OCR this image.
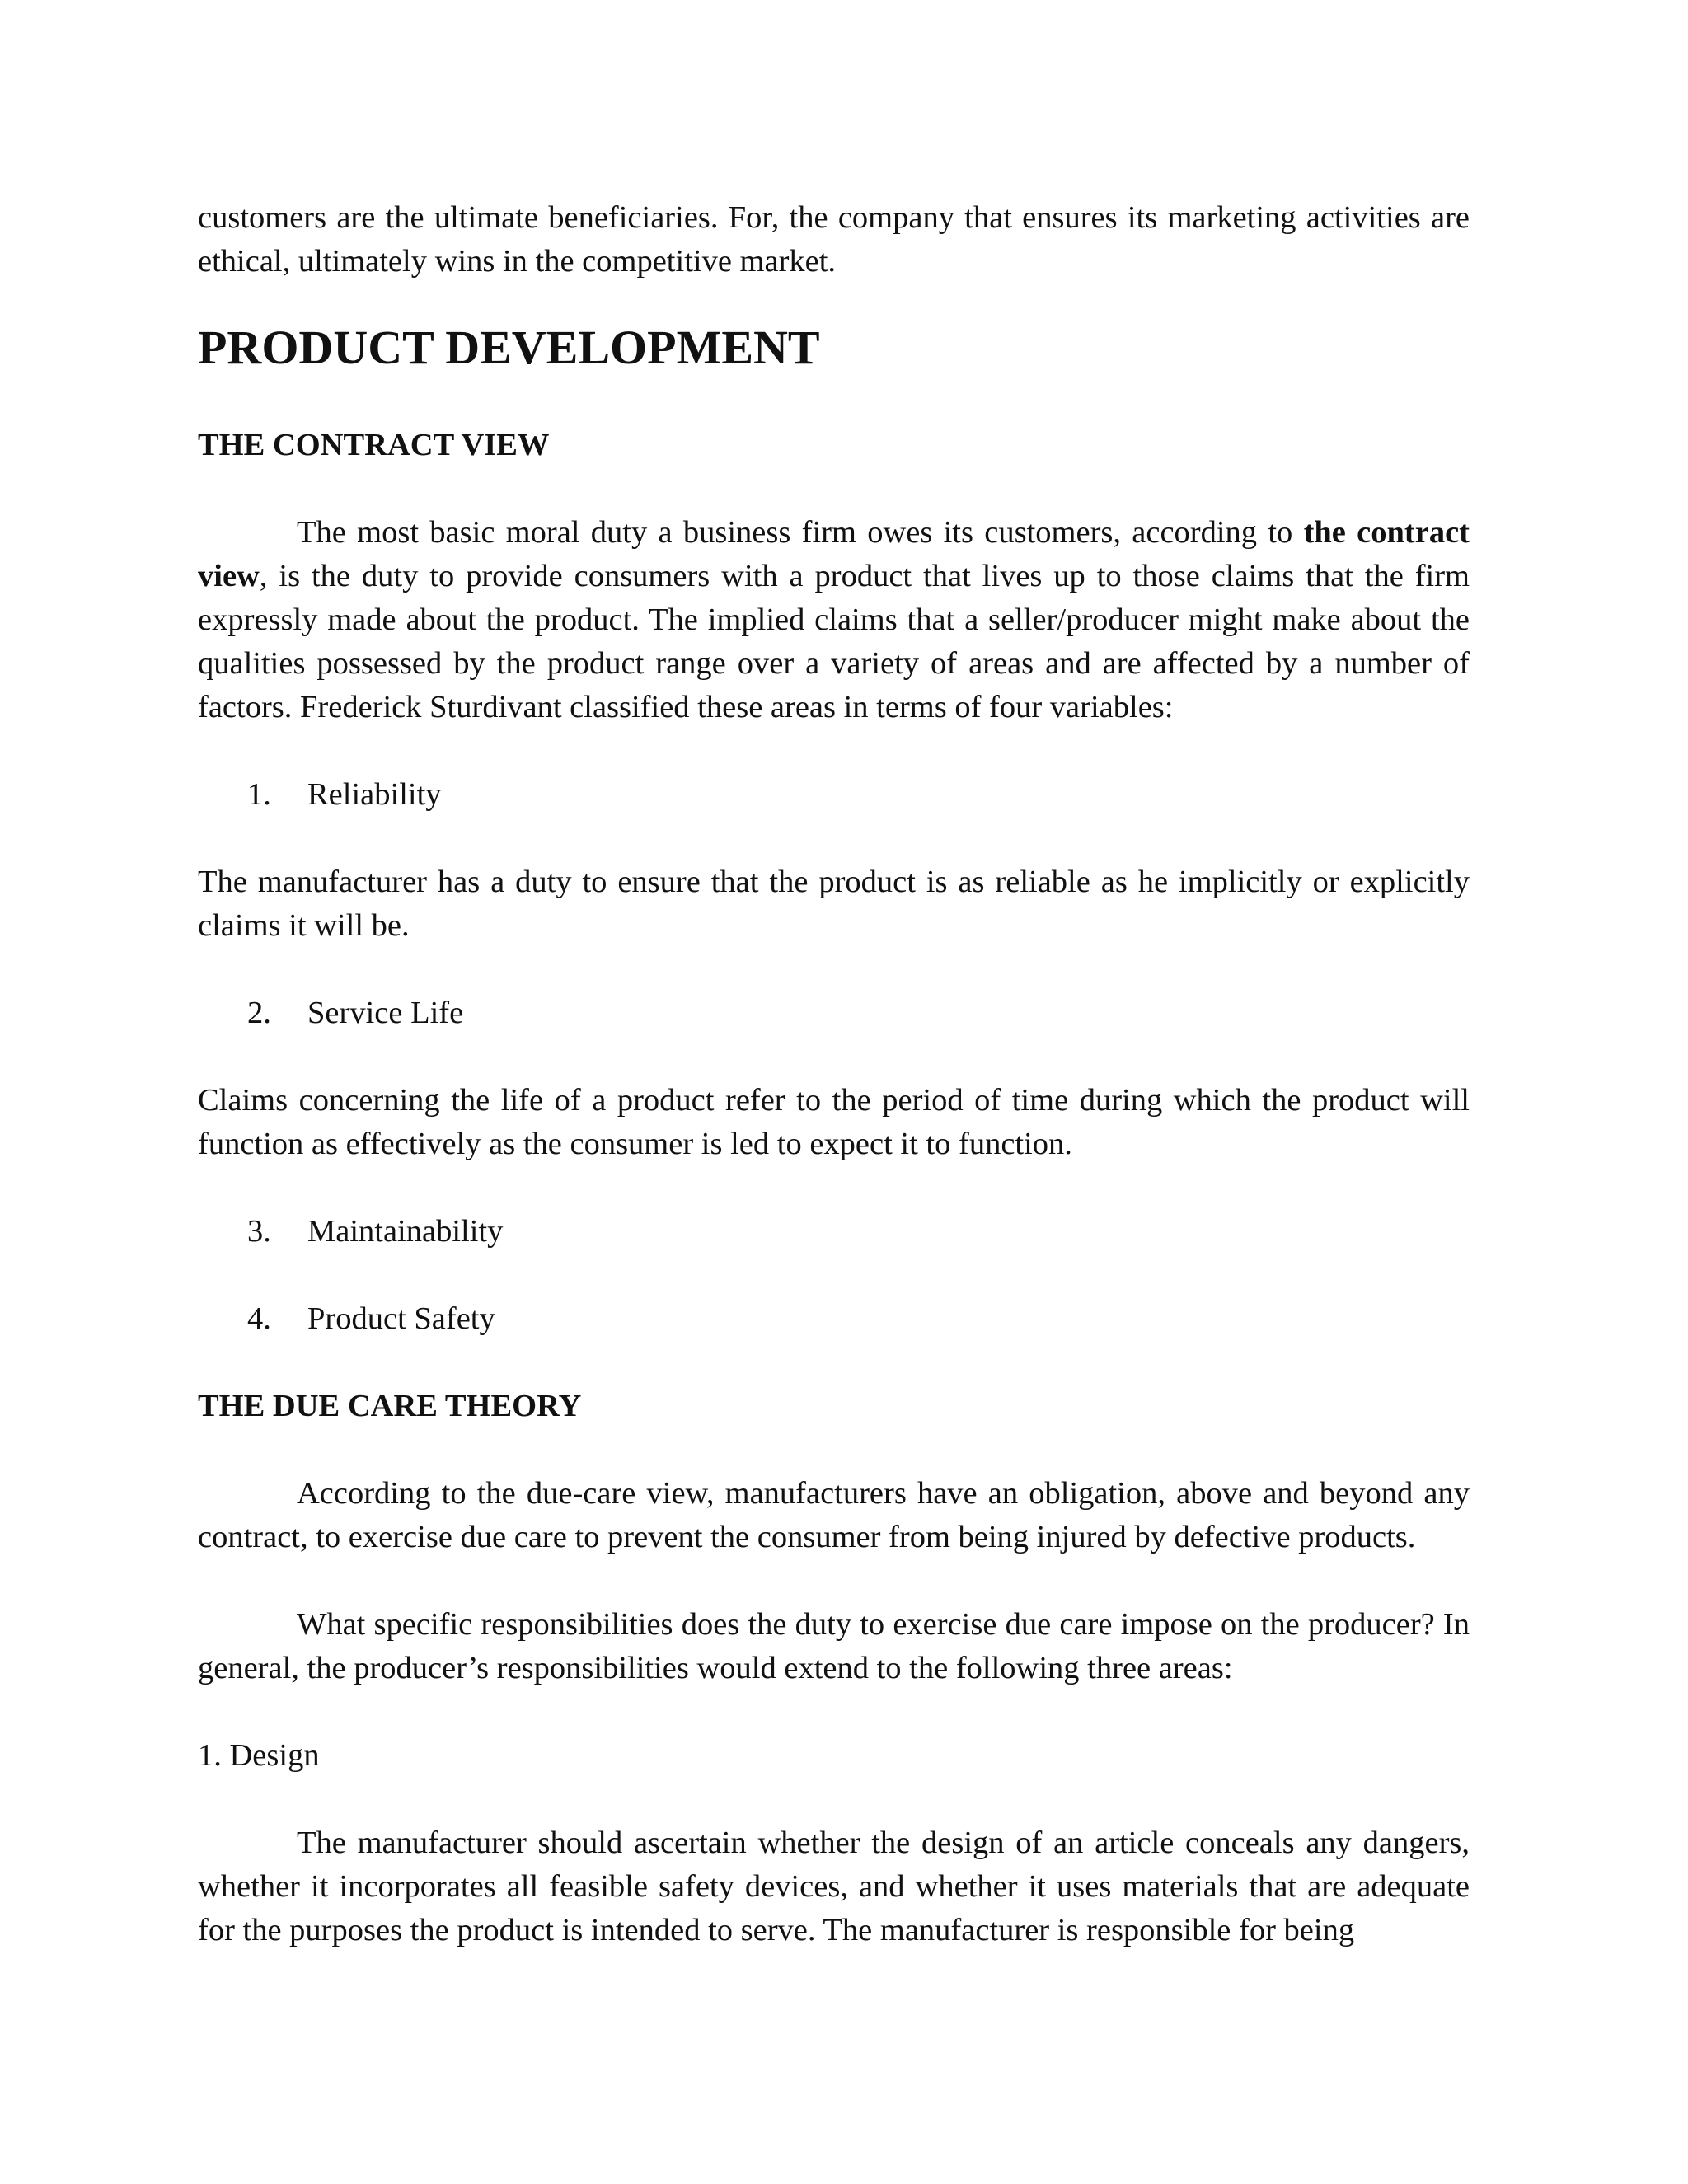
customers are the ultimate beneficiaries. For, the company that ensures its marketing activities are ethical, ultimately wins in the competitive market.

PRODUCT DEVELOPMENT
THE CONTRACT VIEW

The most basic moral duty a business firm owes its customers, according to the contract view, is the duty to provide consumers with a product that lives up to those claims that the firm expressly made about the product. The implied claims that a seller/producer might make about the qualities possessed by the product range over a variety of areas and are affected by a number of factors. Frederick Sturdivant classified these areas in terms of four variables:

1.	Reliability

The manufacturer has a duty to ensure that the product is as reliable as he implicitly or explicitly claims it will be.

2.	Service Life

Claims concerning the life of a product refer to the period of time during which the product will function as effectively as the consumer is led to expect it to function.

3.	Maintainability
4.	Product Safety
THE DUE CARE THEORY

According to the due-care view, manufacturers have an obligation, above and beyond any contract, to exercise due care to prevent the consumer from being injured by defective products.

What specific responsibilities does the duty to exercise due care impose on the producer? In general, the producer’s responsibilities would extend to the following three areas:

1. Design

The manufacturer should ascertain whether the design of an article conceals any dangers, whether it incorporates all feasible safety devices, and whether it uses materials that are adequate for the purposes the product is intended to serve. The manufacturer is responsible for being
